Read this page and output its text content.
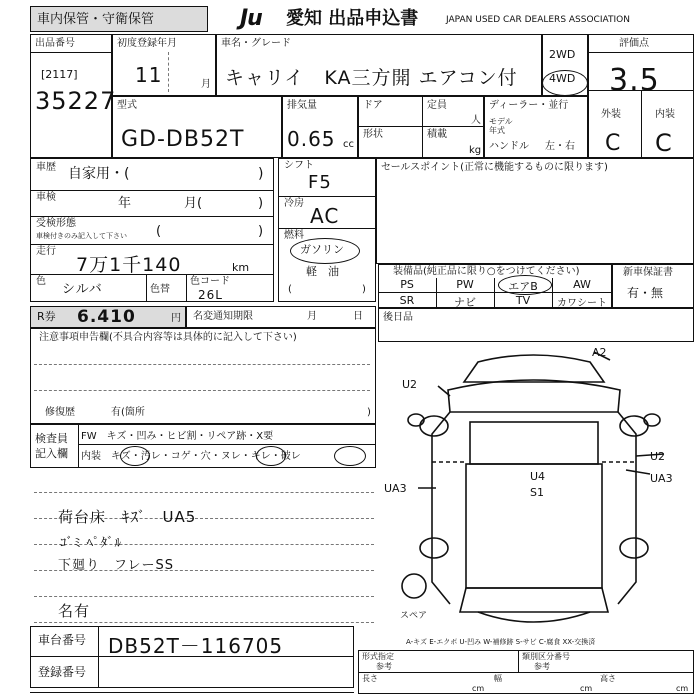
車内保管・守衛保管	Ju	愛知 出品申込書	JAPAN USED CAR DEALERS ASSOCIATION
出品番号
[2117]
35227
初度登録年月
11	月
車名・グレード
キャリイ　KA三方開 エアコン付
2WD
4WD
評価点
3.5
外装	内装
C C
型式
GD-DB52T
排気量
0.65 cc
ドア	定員
人
形状	積載
kg
ディーラー・並行
モデル年式
ハンドル 左・右
車歴 自家用・(	)
車検	年	月(	)
受検形態
車検付きのみ記入して下さい (	)
走行
7万1千140	km
色
シルバ	色替
色コード
26L
シフト
F5
冷房
AC
燃料
ガソリン
軽　油
(	)
セールスポイント(正常に機能するものに限ります)
装備品(純正品に限り○をつけてください)
PS	PW	エアB	AW
SR	ナビ	TV	カワシート
新車保証書
有・無
R券 6.410	円 名変通知期限	月	日 後日品
注意事項申告欄(不具合内容等は具体的に記入して下さい)
修復歴	有(箇所	)
検査員記入欄
FW　キズ・凹み・ヒビ割・リペア跡・X要
内装　キズ・汚レ・コゲ・穴・ヌレ・キレ・破レ
荷台床　ｷｽﾞ　UA5
ｺﾞﾐ ﾍﾟﾀﾞﾙ
下廻り　フレーSS
名有
A2
U2
U2
UA3
U4
S1
UA3
スペア
A-キズ E-エクボ U-凹み W-補修跡 S-サビ C-腐食 XX-交換済
車台番号 DB52T－116705
登録番号
形式指定
参考
類別区分番号
参考
長さ
cm
幅
cm
高さ
cm
